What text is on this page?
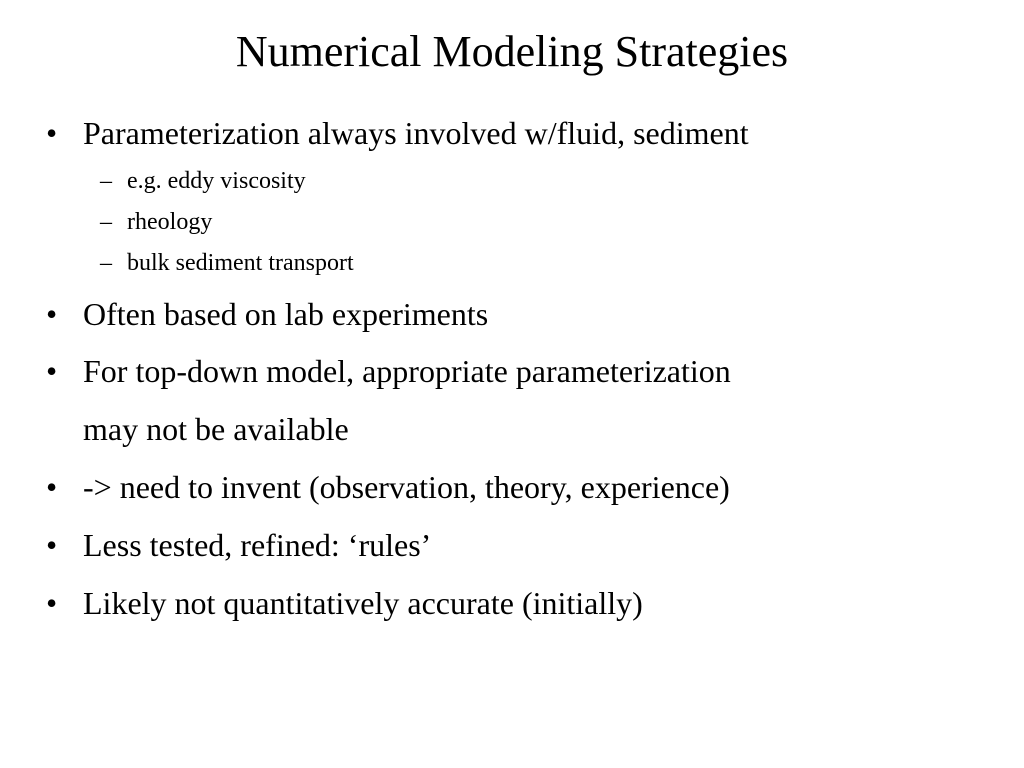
Numerical Modeling Strategies
• Parameterization always involved w/fluid, sediment
– e.g. eddy viscosity
– rheology
– bulk sediment transport
• Often based on lab experiments
• For top-down model, appropriate parameterization
may not be available
• -> need to invent (observation, theory, experience)
• Less tested, refined: ‘rules’
• Likely not quantitatively accurate (initially)
